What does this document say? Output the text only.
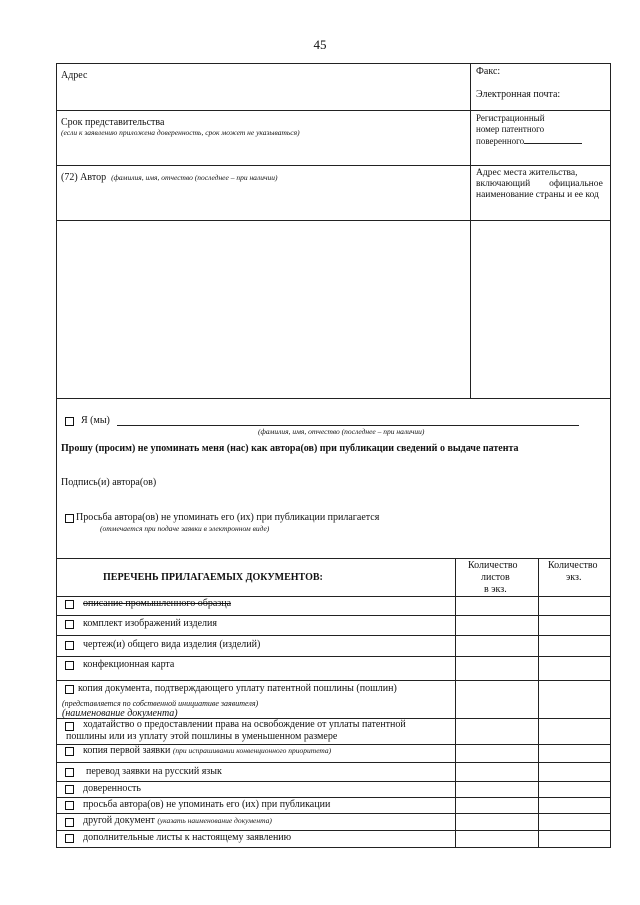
45
Адрес	Факс:
Электронная почта:
Срок представительства
(если к заявлению приложена доверенность, срок может не указываться)
Регистрационный
номер патентного
поверенного
(72) Автор (фамилия, имя, отчество (последнее – при наличии)	Адрес места жительства,
включающий        официальное
наименование страны и ее код
Я (мы)
(фамилия, имя, отчество (последнее – при наличии)
Прошу (просим) не упоминать меня (нас) как автора(ов) при публикации сведений о выдаче патента
Подпись(и) автора(ов)
Просьба автора(ов) не упоминать его (их) при публикации прилагается
(отмечается при подаче заявки в электронном виде)
ПЕРЕЧЕНЬ ПРИЛАГАЕМЫХ ДОКУМЕНТОВ:
Количество
листов
в экз.
Количество
экз.
описание промышленного образца
комплект изображений изделия
чертеж(и) общего вида изделия (изделий)
конфекционная карта
копия документа, подтверждающего уплату патентной пошлины (пошлин)
(представляется по собственной инициативе заявителя)
(наименование документа)
ходатайство о предоставлении права на освобождение от уплаты патентной
пошлины или из уплату этой пошлины в уменьшенном размере
копия первой заявки (при испрашивании конвенционного приоритета)
перевод заявки на русский язык
доверенность
просьба автора(ов) не упоминать его (их) при публикации
другой документ (указать наименование документа)
дополнительные листы к настоящему заявлению
